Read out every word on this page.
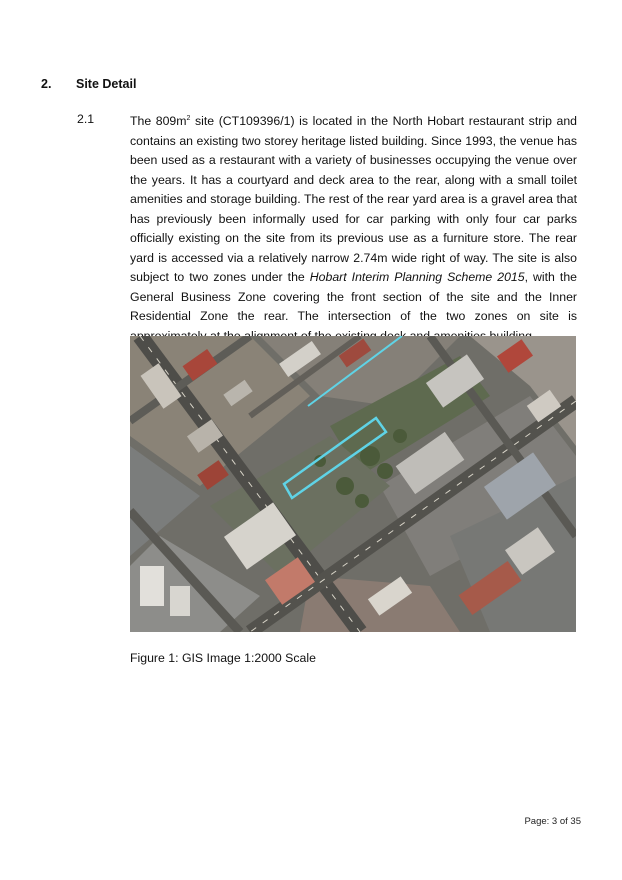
2. Site Detail
2.1	The $809m^2$ site (CT109396/1) is located in the North Hobart restaurant strip and contains an existing two storey heritage listed building. Since 1993, the venue has been used as a restaurant with a variety of businesses occupying the venue over the years. It has a courtyard and deck area to the rear, along with a small toilet amenities and storage building. The rest of the rear yard area is a gravel area that has previously been informally used for car parking with only four car parks officially existing on the site from its previous use as a furniture store. The rear yard is accessed via a relatively narrow 2.74m wide right of way. The site is also subject to two zones under the Hobart Interim Planning Scheme 2015, with the General Business Zone covering the front section of the site and the Inner Residential Zone the rear. The intersection of the two zones on site is
Figure 1: GIS Image 1:2000 Scale
Page: 3 of 35
